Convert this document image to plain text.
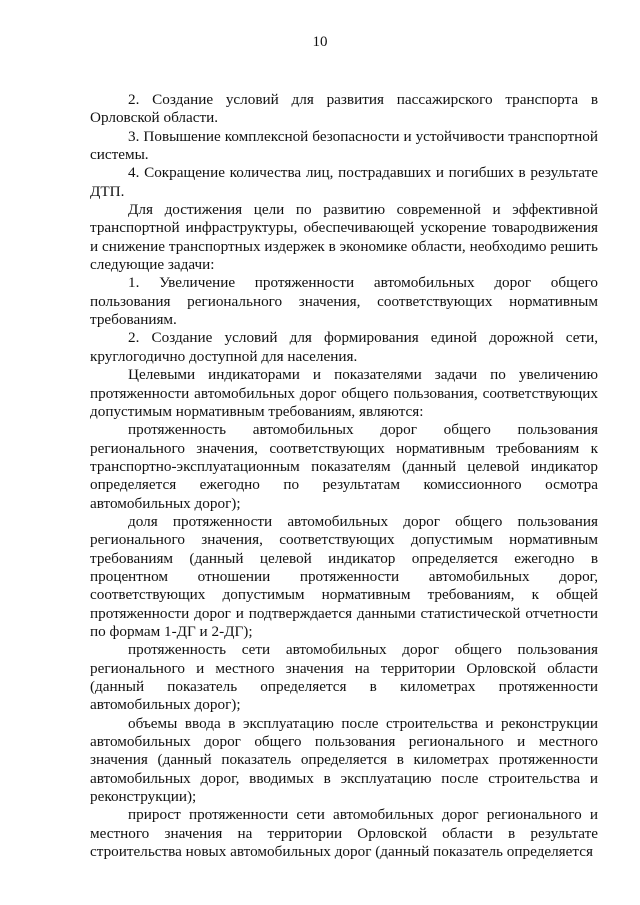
10

2. Создание условий для развития пассажирского транспорта в Орловской области.

3. Повышение комплексной безопасности и устойчивости транспортной системы.

4. Сокращение количества лиц, пострадавших и погибших в результате ДТП.

Для достижения цели по развитию современной и эффективной транспортной инфраструктуры, обеспечивающей ускорение товародвижения и снижение транспортных издержек в экономике области, необходимо решить следующие задачи:

1. Увеличение протяженности автомобильных дорог общего пользования регионального значения, соответствующих нормативным требованиям.

2. Создание условий для формирования единой дорожной сети, круглогодично доступной для населения.

Целевыми индикаторами и показателями задачи по увеличению протяженности автомобильных дорог общего пользования, соответствующих допустимым нормативным требованиям, являются:

протяженность автомобильных дорог общего пользования регионального значения, соответствующих нормативным требованиям к транспортно-эксплуатационным показателям (данный целевой индикатор определяется ежегодно по результатам комиссионного осмотра автомобильных дорог);

доля протяженности автомобильных дорог общего пользования регионального значения, соответствующих допустимым нормативным требованиям (данный целевой индикатор определяется ежегодно в процентном отношении протяженности автомобильных дорог, соответствующих допустимым нормативным требованиям, к общей протяженности дорог и подтверждается данными статистической отчетности по формам 1-ДГ и 2-ДГ);

протяженность сети автомобильных дорог общего пользования регионального и местного значения на территории Орловской области (данный показатель определяется в километрах протяженности автомобильных дорог);

объемы ввода в эксплуатацию после строительства и реконструкции автомобильных дорог общего пользования регионального и местного значения (данный показатель определяется в километрах протяженности автомобильных дорог, вводимых в эксплуатацию после строительства и реконструкции);

прирост протяженности сети автомобильных дорог регионального и местного значения на территории Орловской области в результате строительства новых автомобильных дорог (данный показатель определяется
